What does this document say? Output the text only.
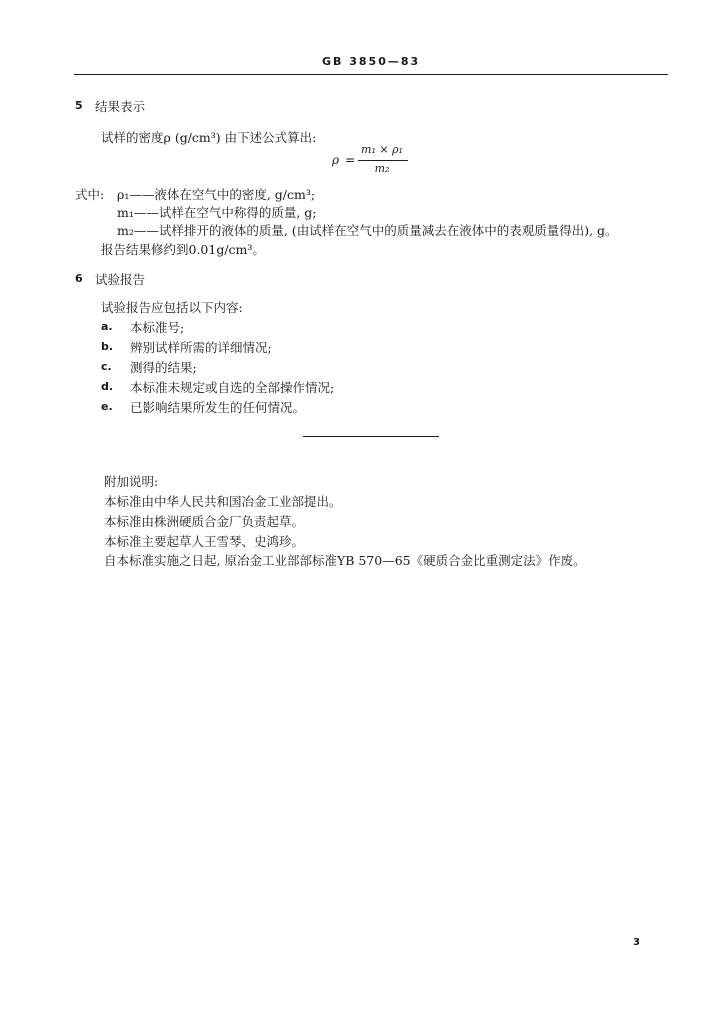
GB 3850—83
5 结果表示
试样的密度ρ (g/cm³) 由下述公式算出:
ρ =
m₁ × ρ₁
m₂
式中: ρ₁——液体在空气中的密度, g/cm³;
m₁——试样在空气中称得的质量, g;
m₂——试样排开的液体的质量, (由试样在空气中的质量减去在液体中的表观质量得出), g。
报告结果修约到0.01g/cm³。
6 试验报告
试验报告应包括以下内容:
a. 本标准号;
b. 辨别试样所需的详细情况;
c. 测得的结果;
d. 本标准未规定或自选的全部操作情况;
e. 已影响结果所发生的任何情况。
附加说明:
本标准由中华人民共和国冶金工业部提出。
本标准由株洲硬质合金厂负责起草。
本标准主要起草人王雪琴、史鸿珍。
自本标准实施之日起, 原冶金工业部部标准YB 570—65《硬质合金比重测定法》作废。
3
